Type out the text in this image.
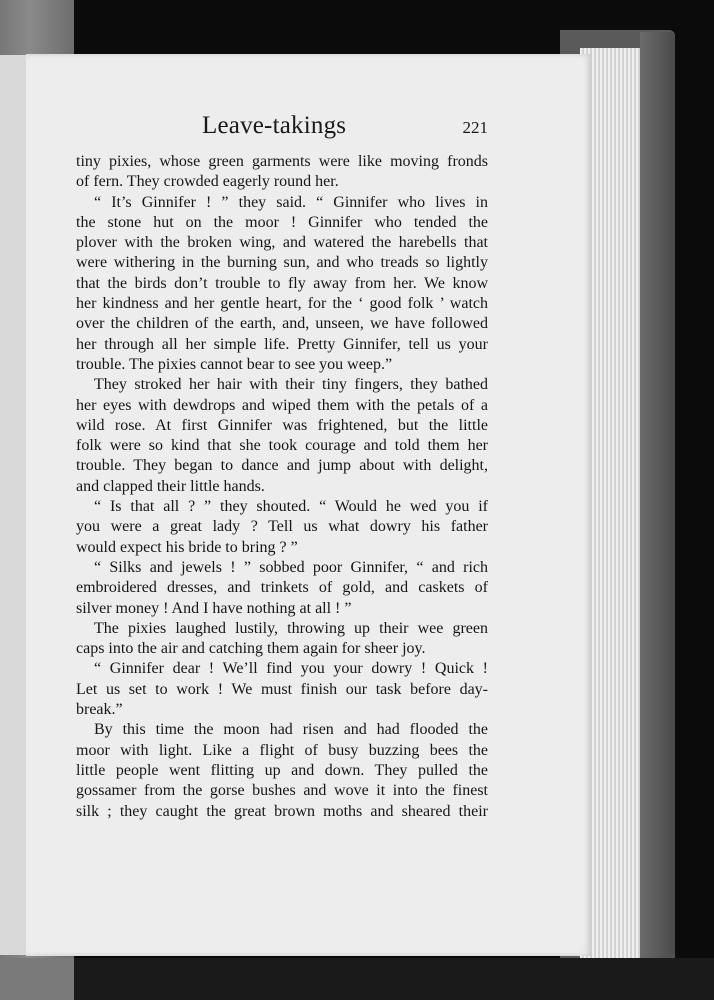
Leave-takings	221
tiny pixies, whose green garments were like moving fronds
of fern. They crowded eagerly round her.
“ It’s Ginnifer ! ” they said. “ Ginnifer who lives in
the stone hut on the moor ! Ginnifer who tended the
plover with the broken wing, and watered the harebells that
were withering in the burning sun, and who treads so lightly
that the birds don’t trouble to fly away from her. We know
her kindness and her gentle heart, for the ‘ good folk ’ watch
over the children of the earth, and, unseen, we have followed
her through all her simple life. Pretty Ginnifer, tell us your
trouble. The pixies cannot bear to see you weep.”
They stroked her hair with their tiny fingers, they bathed
her eyes with dewdrops and wiped them with the petals of a
wild rose. At first Ginnifer was frightened, but the little
folk were so kind that she took courage and told them her
trouble. They began to dance and jump about with delight,
and clapped their little hands.
“ Is that all ? ” they shouted. “ Would he wed you if
you were a great lady ? Tell us what dowry his father
would expect his bride to bring ? ”
“ Silks and jewels ! ” sobbed poor Ginnifer, “ and rich
embroidered dresses, and trinkets of gold, and caskets of
silver money ! And I have nothing at all ! ”
The pixies laughed lustily, throwing up their wee green
caps into the air and catching them again for sheer joy.
“ Ginnifer dear ! We’ll find you your dowry ! Quick !
Let us set to work ! We must finish our task before day-
break.”
By this time the moon had risen and had flooded the
moor with light. Like a flight of busy buzzing bees the
little people went flitting up and down. They pulled the
gossamer from the gorse bushes and wove it into the finest
silk ; they caught the great brown moths and sheared their
